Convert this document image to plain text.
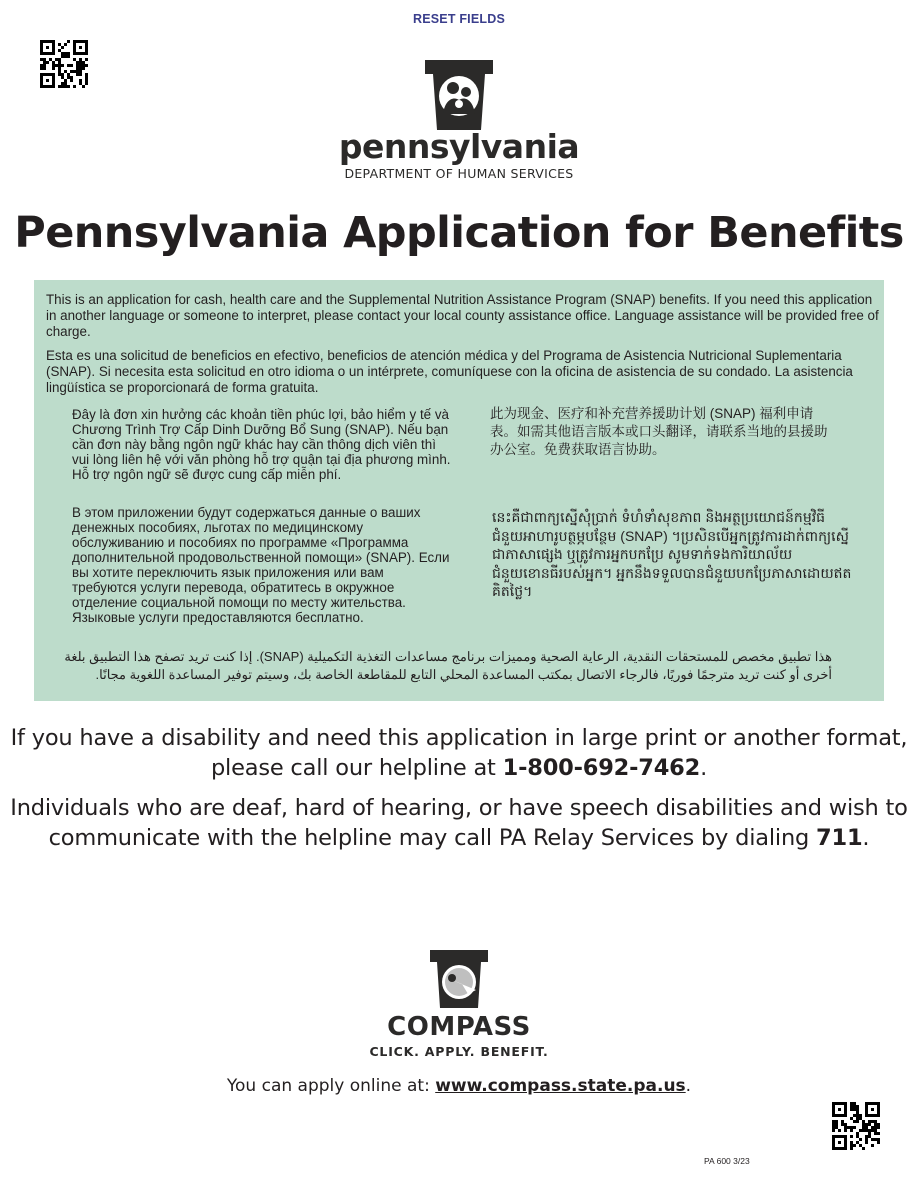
RESET FIELDS
pennsylvania
DEPARTMENT OF HUMAN SERVICES
Pennsylvania Application for Benefits
This is an application for cash, health care and the Supplemental Nutrition Assistance Program (SNAP) benefits. If you need this application in another language or someone to interpret, please contact your local county assistance office. Language assistance will be provided free of charge.
Esta es una solicitud de beneficios en efectivo, beneficios de atención médica y del Programa de Asistencia Nutricional Suplementaria (SNAP). Si necesita esta solicitud en otro idioma o un intérprete, comuníquese con la oficina de asistencia de su condado. La asistencia lingüística se proporcionará de forma gratuita.
Đây là đơn xin hưởng các khoản tiền phúc lợi, bảo hiểm y tế và Chương Trình Trợ Cấp Dinh Dưỡng Bổ Sung (SNAP). Nếu bạn cần đơn này bằng ngôn ngữ khác hay cần thông dịch viên thì vui lòng liên hệ với văn phòng hỗ trợ quận tại địa phương mình. Hỗ trợ ngôn ngữ sẽ được cung cấp miễn phí.
В этом приложении будут содержаться данные о ваших денежных пособиях, льготах по медицинскому обслуживанию и пособиях по программе «Программа дополнительной продовольственной помощи» (SNAP). Если вы хотите переключить язык приложения или вам требуются услуги перевода, обратитесь в окружное отделение социальной помощи по месту жительства. Языковые услуги предоставляются бесплатно.
此为现金、医疗和补充营养援助计划 (SNAP) 福利申请表。如需其他语言版本或口头翻译，请联系当地的县援助办公室。免费获取语言协助。
នេះគឺជាពាក្យស្នើសុំប្រាក់ ទំហំទាំសុខភាព និងអត្ថប្រយោជន៍កម្មវិធីជំនួយអាហារូបត្ថម្ភបន្ថែម (SNAP) ។ប្រសិនបើអ្នកត្រូវការដាក់ពាក្យស្នើជាភាសាផ្សេង ឬត្រូវការអ្នកបកប្រែ សូមទាក់ទងការិយាល័យជំនួយខោនធីរបស់អ្នក។ អ្នកនឹងទទួលបានជំនួយបកប្រែភាសាដោយឥតគិតថ្លៃ។
هذا تطبيق مخصص للمستحقات النقدية، الرعاية الصحية ومميزات برنامج مساعدات التغذية التكميلية (SNAP). إذا كنت تريد تصفح هذا التطبيق بلغة أخرى أو كنت تريد مترجمًا فوريًا، فالرجاء الاتصال بمكتب المساعدة المحلي التابع للمقاطعة الخاصة بك، وسيتم توفير المساعدة اللغوية مجانًا.
If you have a disability and need this application in large print or another format, please call our helpline at 1-800-692-7462.
Individuals who are deaf, hard of hearing, or have speech disabilities and wish to communicate with the helpline may call PA Relay Services by dialing 711.
COMPASS
CLICK. APPLY. BENEFIT.
You can apply online at: www.compass.state.pa.us.
PA 600 3/23
